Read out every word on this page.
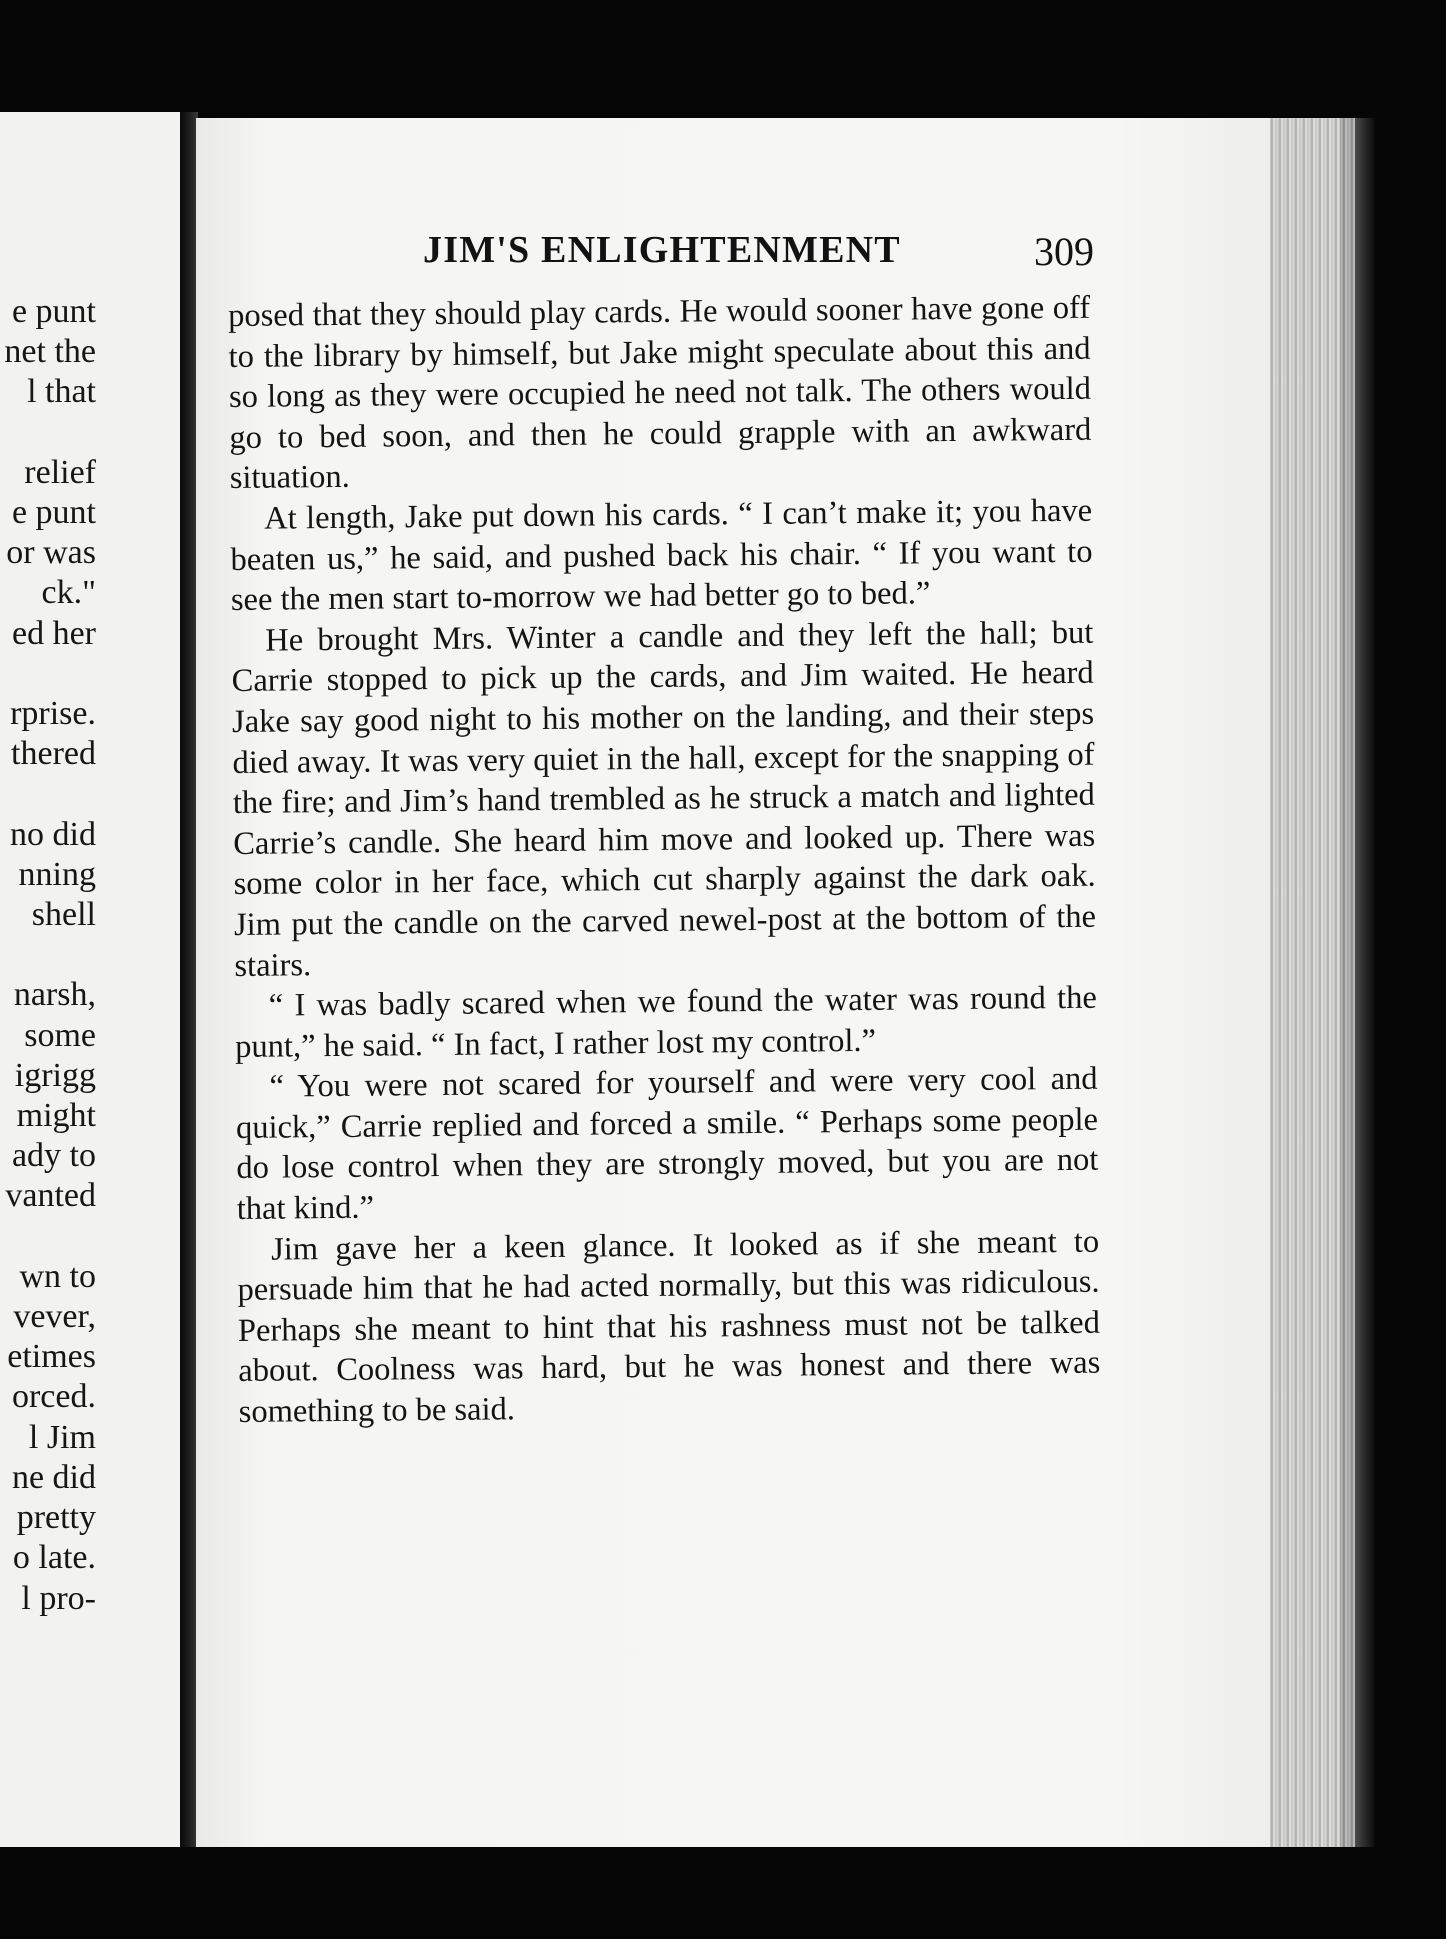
e punt
net the
l that

relief
e punt
or was
ck."
ed her

rprise.
thered

no did
nning
shell

narsh,
some
igrigg
might
ady to
vanted

wn to
vever,
etimes
orced.
l Jim
ne did
pretty
o late.
l pro-
JIM'S ENLIGHTENMENT	309

posed that they should play cards. He would sooner have gone off to the library by himself, but Jake might speculate about this and so long as they were occupied he need not talk. The others would go to bed soon, and then he could grapple with an awkward situation.

At length, Jake put down his cards. “ I can’t make it; you have beaten us,” he said, and pushed back his chair. “ If you want to see the men start to-morrow we had better go to bed.”

He brought Mrs. Winter a candle and they left the hall; but Carrie stopped to pick up the cards, and Jim waited. He heard Jake say good night to his mother on the landing, and their steps died away. It was very quiet in the hall, except for the snapping of the fire; and Jim’s hand trembled as he struck a match and lighted Carrie’s candle. She heard him move and looked up. There was some color in her face, which cut sharply against the dark oak. Jim put the candle on the carved newel-post at the bottom of the stairs.

“ I was badly scared when we found the water was round the punt,” he said. “ In fact, I rather lost my control.”

“ You were not scared for yourself and were very cool and quick,” Carrie replied and forced a smile. “ Perhaps some people do lose control when they are strongly moved, but you are not that kind.”

Jim gave her a keen glance. It looked as if she meant to persuade him that he had acted normally, but this was ridiculous. Perhaps she meant to hint that his rashness must not be talked about. Coolness was hard, but he was honest and there was something to be said.
